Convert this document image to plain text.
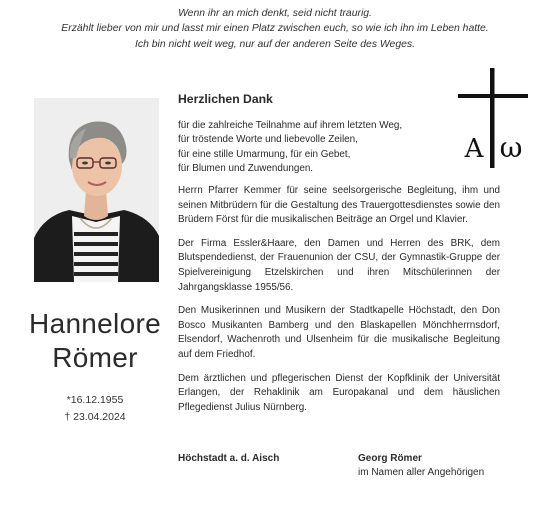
Wenn ihr an mich denkt, seid nicht traurig.
Erzählt lieber von mir und lasst mir einen Platz zwischen euch, so wie ich ihn im Leben hatte.
Ich bin nicht weit weg, nur auf der anderen Seite des Weges.
Hannelore
Römer
*16.12.1955
† 23.04.2024
A ω

Herzlichen Dank

für die zahlreiche Teilnahme auf ihrem letzten Weg,

für tröstende Worte und liebevolle Zeilen,

für eine stille Umarmung, für ein Gebet,

für Blumen und Zuwendungen.

Herrn Pfarrer Kemmer für seine seelsorgerische Begleitung, ihm und seinen Mitbrüdern für die Gestaltung des Trauergottesdienstes sowie den Brüdern Först für die musikalischen Beiträge an Orgel und Klavier.

Der Firma Essler&Haare, den Damen und Herren des BRK, dem Blutspendedienst, der Frauenunion der CSU, der Gymnastik-Gruppe der Spielvereinigung Etzelskirchen und ihren Mitschülerinnen der Jahrgangsklasse 1955/56.

Den Musikerinnen und Musikern der Stadtkapelle Höchstadt, den Don Bosco Musikanten Bamberg und den Blaskapellen Mönchherrnsdorf, Elsendorf, Wachenroth und Ulsenheim für die musikalische Begleitung auf dem Friedhof.

Dem ärztlichen und pflegerischen Dienst der Kopfklinik der Universität Erlangen, der Rehaklinik am Europakanal und dem häuslichen Pflegedienst Julius Nürnberg.

Höchstadt a. d. Aisch	Georg Römer
im Namen aller Angehörigen
